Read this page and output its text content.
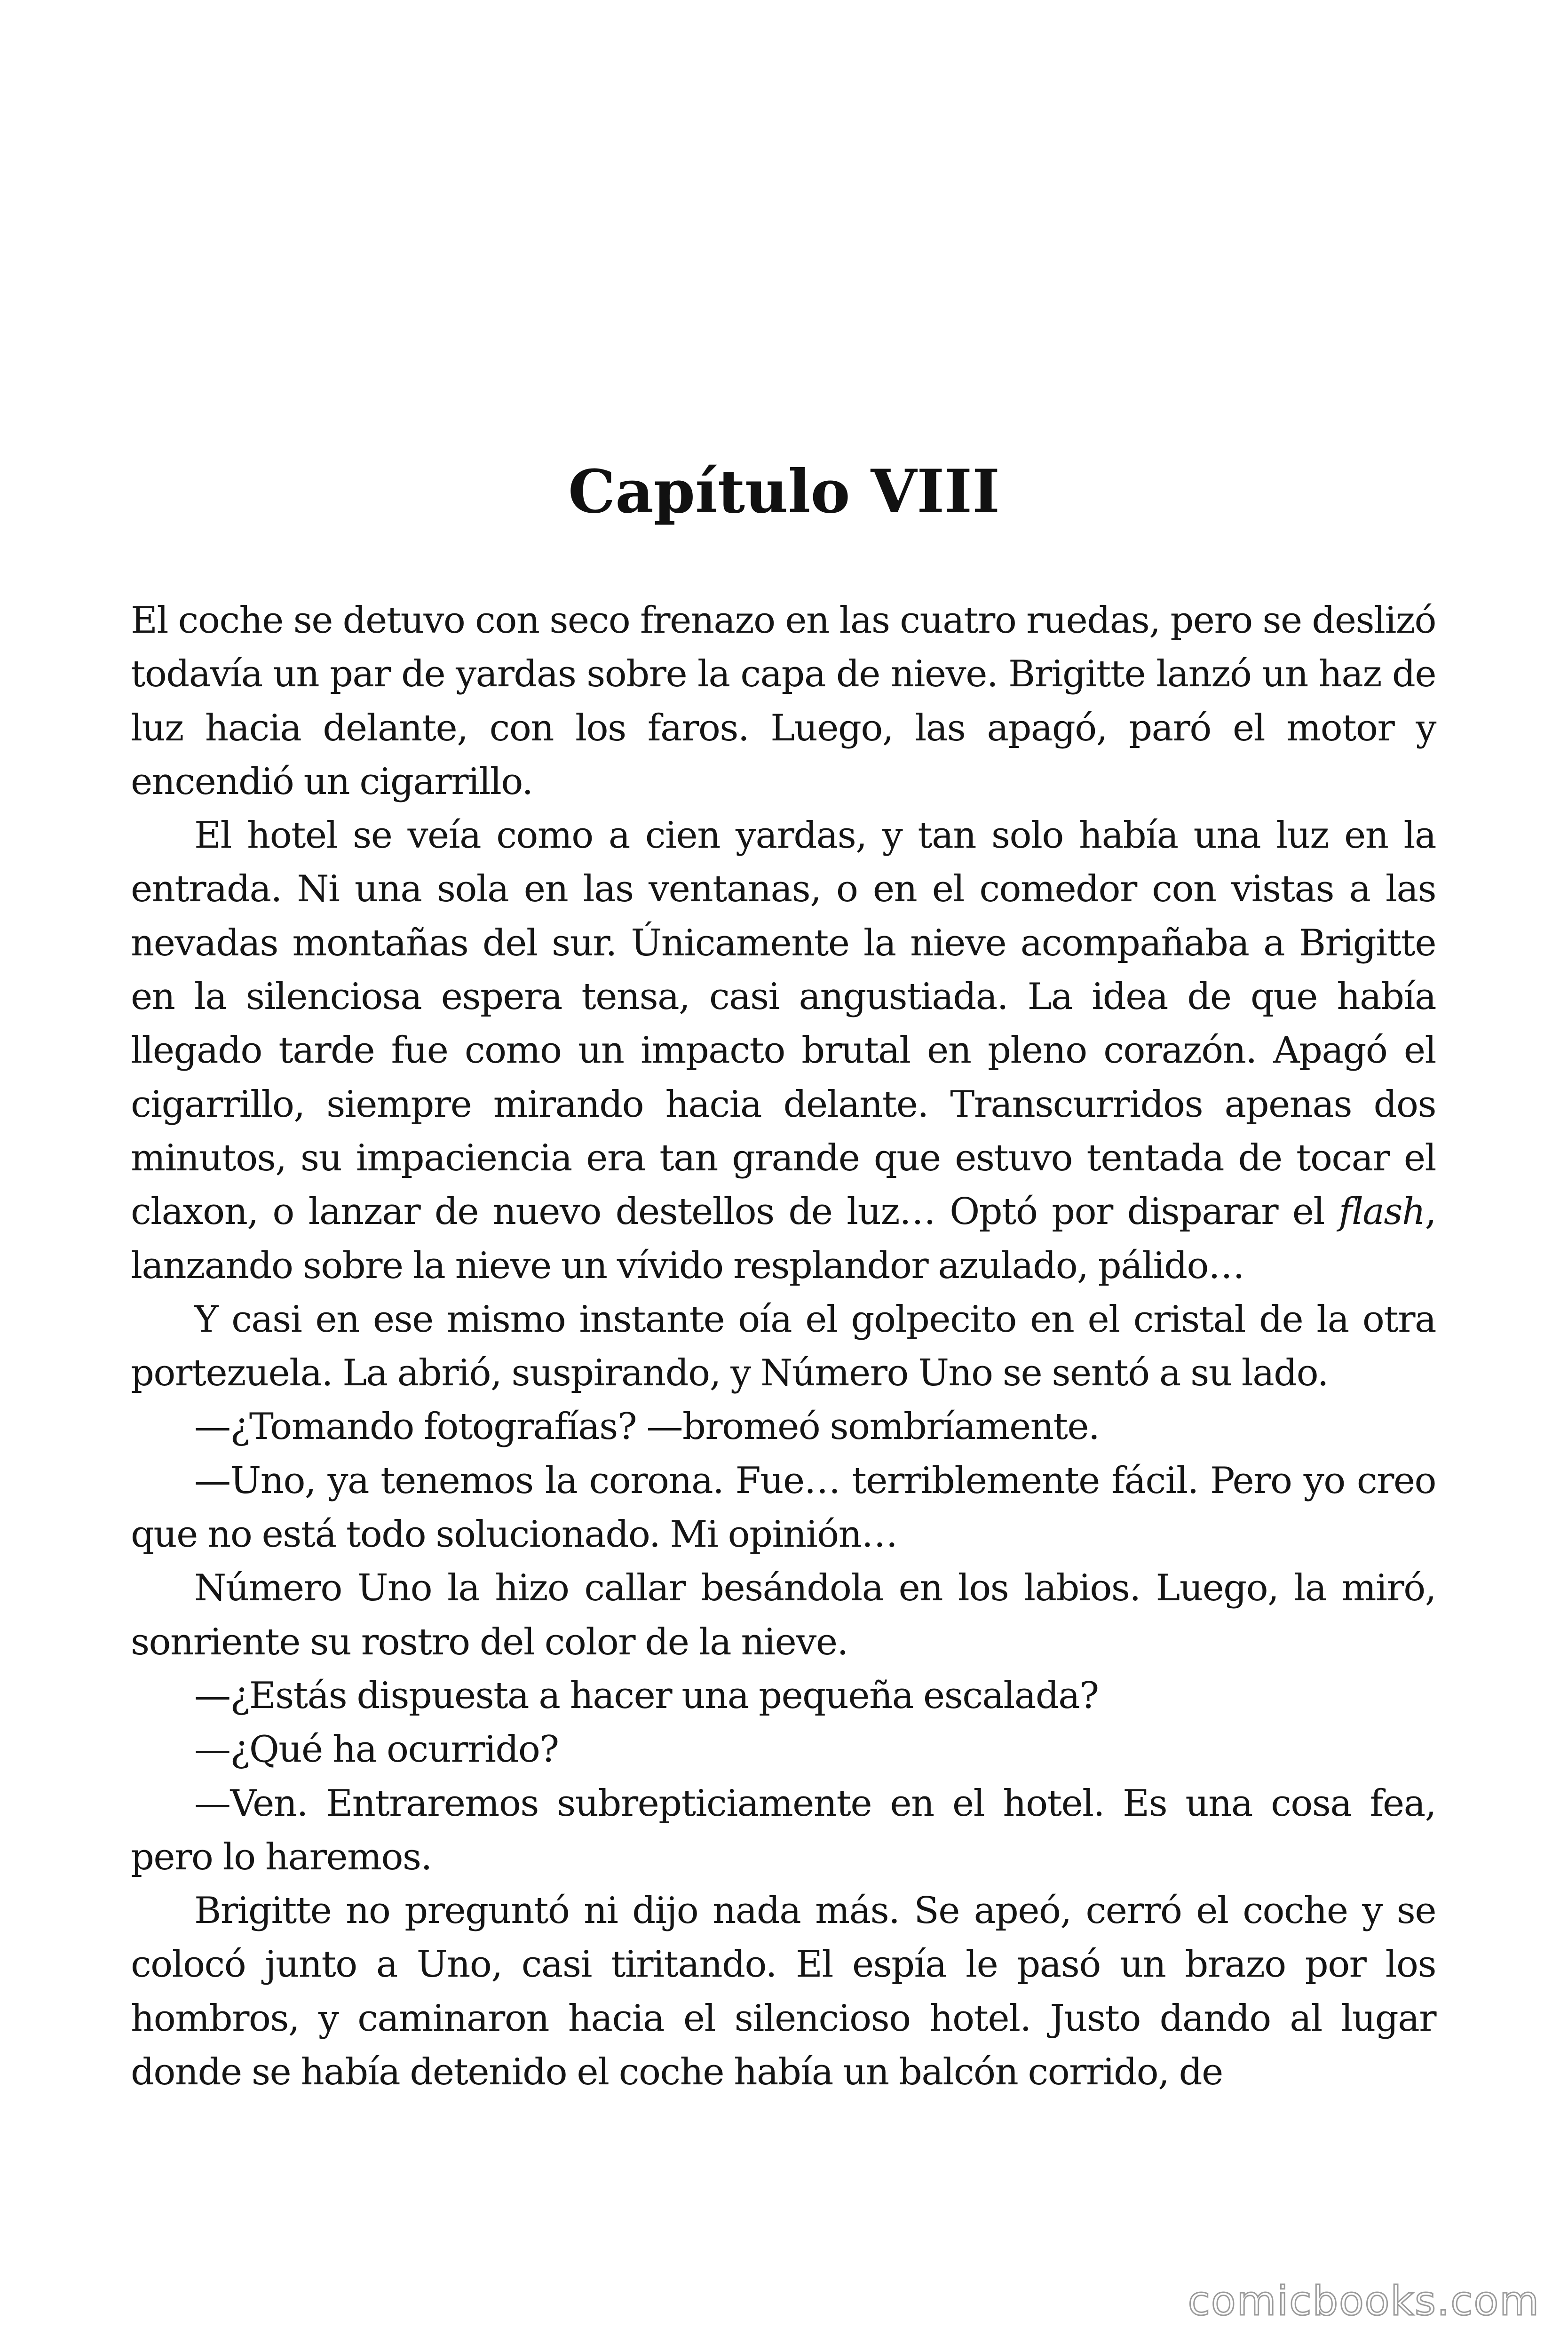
Capítulo VIII

El coche se detuvo con seco frenazo en las cuatro ruedas, pero se deslizó todavía un par de yardas sobre la capa de nieve. Brigitte lanzó un haz de luz hacia delante, con los faros. Luego, las apagó, paró el motor y encendió un cigarrillo.

El hotel se veía como a cien yardas, y tan solo había una luz en la entrada. Ni una sola en las ventanas, o en el comedor con vistas a las nevadas montañas del sur. Únicamente la nieve acompañaba a Brigitte en la silenciosa espera tensa, casi angustiada. La idea de que había llegado tarde fue como un impacto brutal en pleno corazón. Apagó el cigarrillo, siempre mirando hacia delante. Transcurridos apenas dos minutos, su impaciencia era tan grande que estuvo tentada de tocar el claxon, o lanzar de nuevo destellos de luz… Optó por disparar el flash, lanzando sobre la nieve un vívido resplandor azulado, pálido…

Y casi en ese mismo instante oía el golpecito en el cristal de la otra portezuela. La abrió, suspirando, y Número Uno se sentó a su lado.

—¿Tomando fotografías? —bromeó sombríamente.

—Uno, ya tenemos la corona. Fue… terriblemente fácil. Pero yo creo que no está todo solucionado. Mi opinión…

Número Uno la hizo callar besándola en los labios. Luego, la miró, sonriente su rostro del color de la nieve.

—¿Estás dispuesta a hacer una pequeña escalada?

—¿Qué ha ocurrido?

—Ven. Entraremos subrepticiamente en el hotel. Es una cosa fea, pero lo haremos.

Brigitte no preguntó ni dijo nada más. Se apeó, cerró el coche y se colocó junto a Uno, casi tiritando. El espía le pasó un brazo por los hombros, y caminaron hacia el silencioso hotel. Justo dando al lugar donde se había detenido el coche había un balcón corrido, de

comicbooks.com
